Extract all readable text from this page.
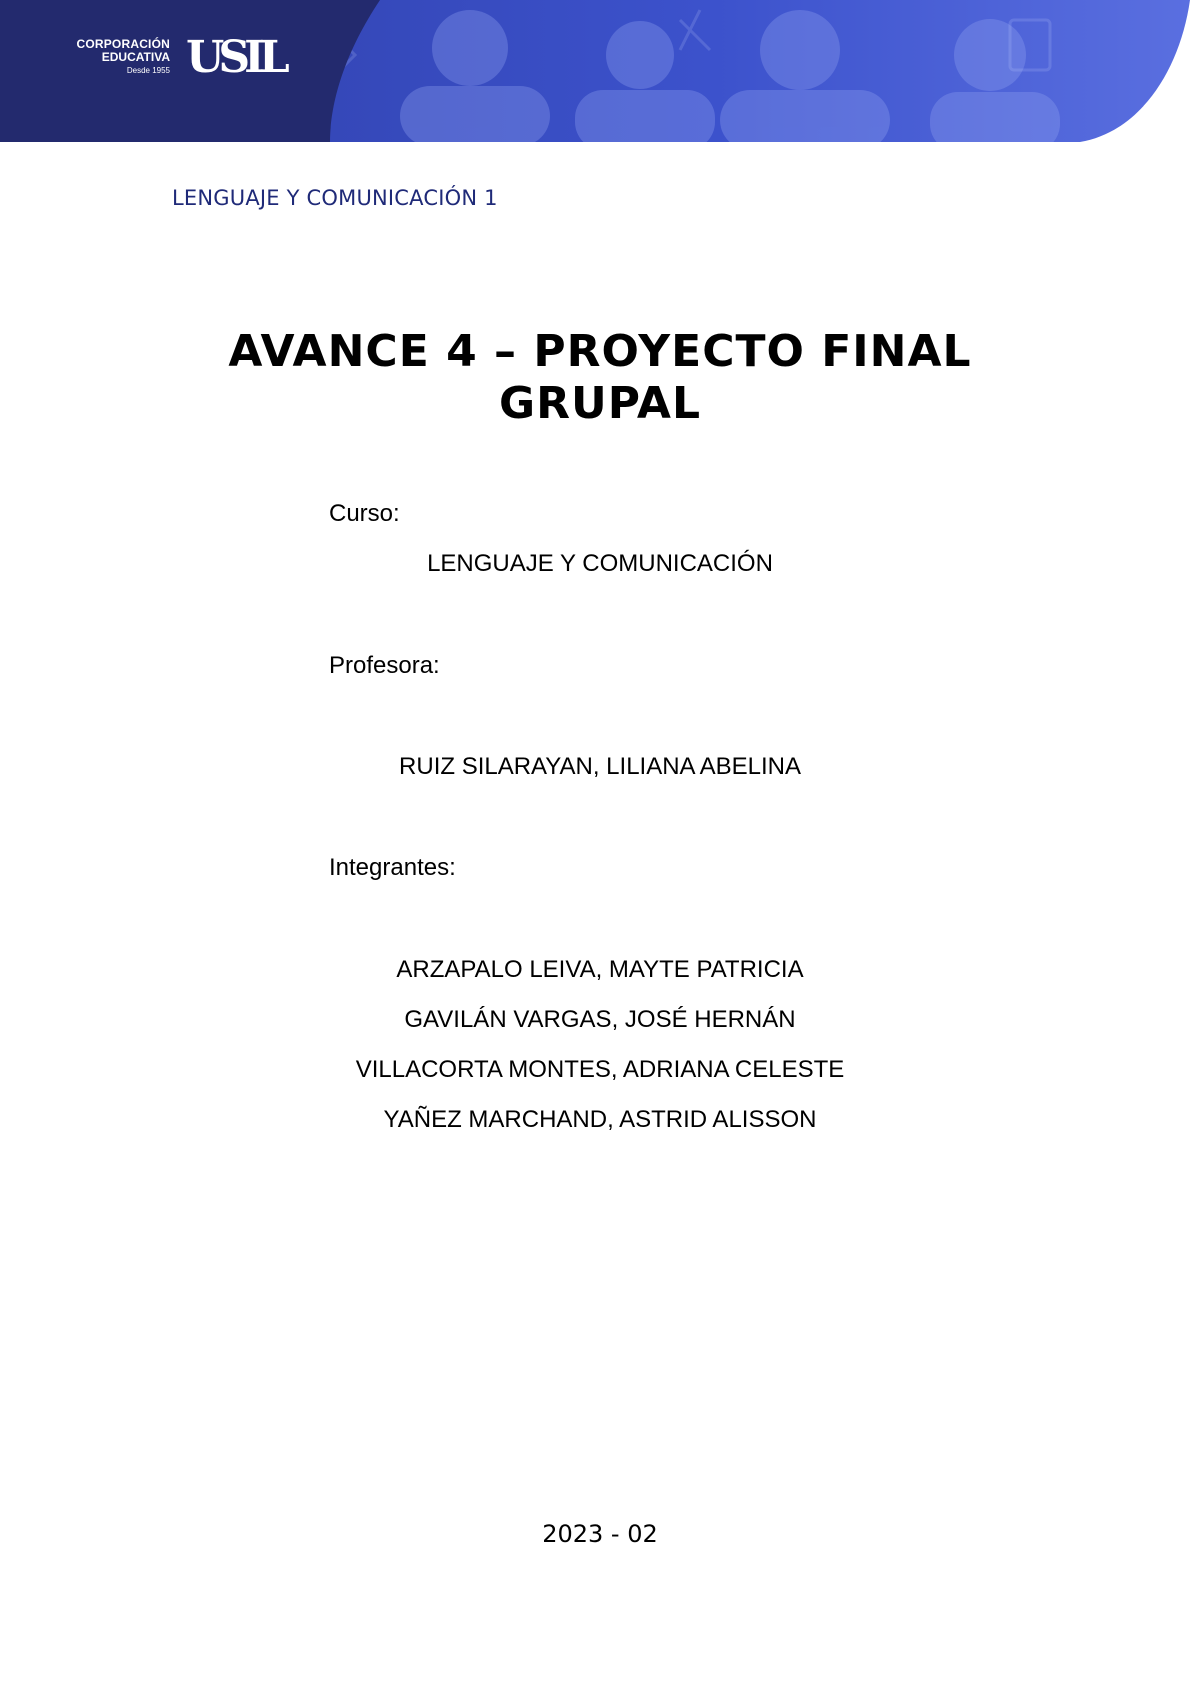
CORPORACIÓN
EDUCATIVA
Desde 1955 USIL
LENGUAJE Y COMUNICACIÓN 1
AVANCE 4 – PROYECTO FINAL
GRUPAL
Curso:
LENGUAJE Y COMUNICACIÓN
Profesora:
RUIZ SILARAYAN, LILIANA ABELINA
Integrantes:
ARZAPALO LEIVA, MAYTE PATRICIA
GAVILÁN VARGAS, JOSÉ HERNÁN
VILLACORTA MONTES, ADRIANA CELESTE
YAÑEZ MARCHAND, ASTRID ALISSON
2023 - 02
